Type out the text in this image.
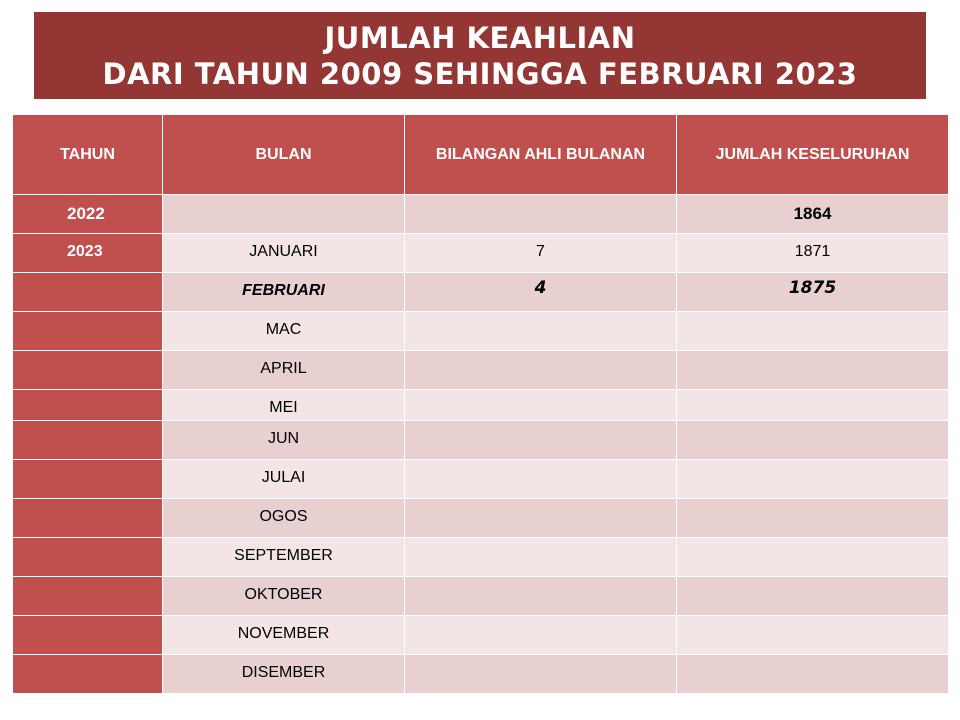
JUMLAH KEAHLIAN
DARI TAHUN 2009 SEHINGGA FEBRUARI 2023
TAHUN	BULAN	BILANGAN AHLI BULANAN	JUMLAH KESELURUHAN
2022			1864
2023	JANUARI	7	1871
	FEBRUARI	4	1875
	MAC		
	APRIL		
	MEI		
	JUN		
	JULAI		
	OGOS		
	SEPTEMBER		
	OKTOBER		
	NOVEMBER		
	DISEMBER		
